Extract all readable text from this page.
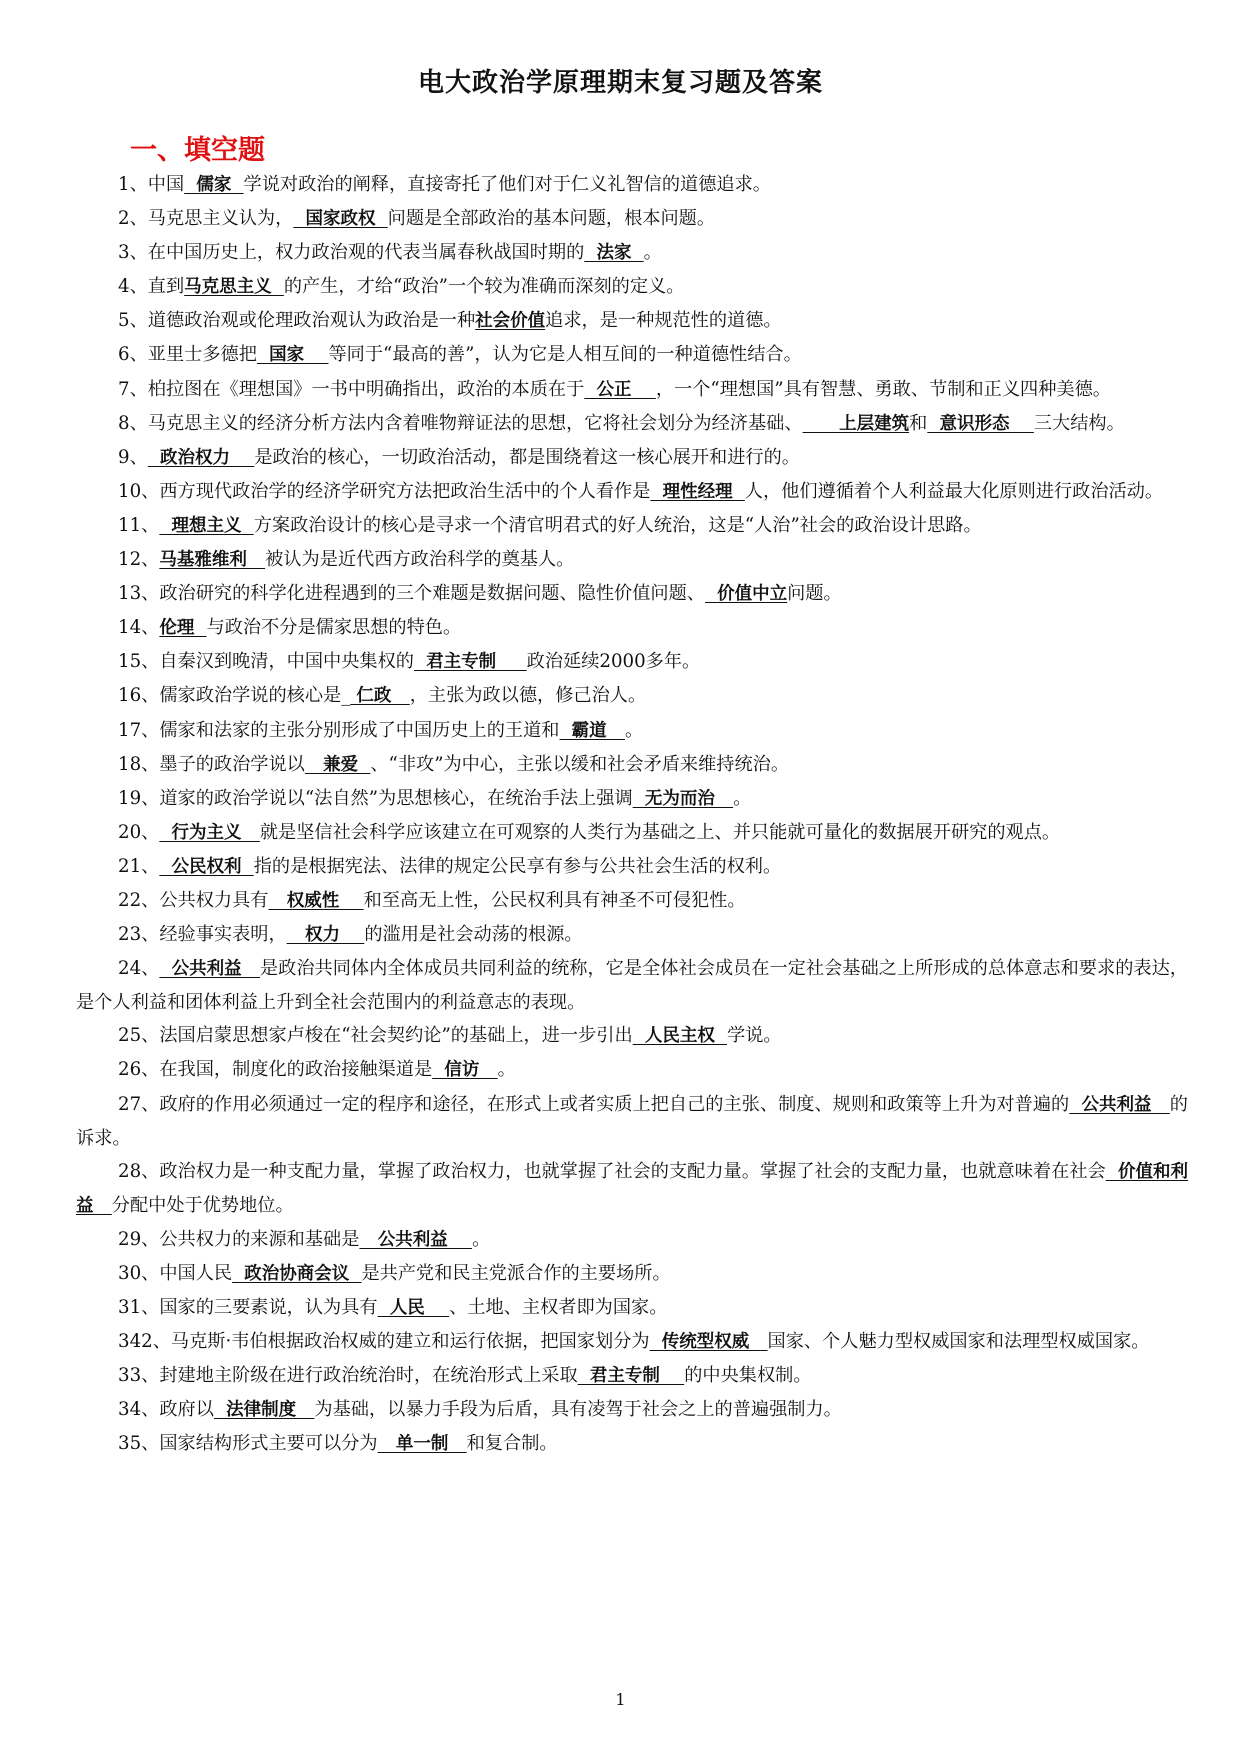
电大政治学原理期末复习题及答案
一、填空题
1、中国  儒家  学说对政治的阐释，直接寄托了他们对于仁义礼智信的道德追求。
2、马克思主义认为，  国家政权  问题是全部政治的基本问题，根本问题。
3、在中国历史上，权力政治观的代表当属春秋战国时期的  法家  。
4、直到马克思主义  的产生，才给“政治”一个较为准确而深刻的定义。
5、道德政治观或伦理政治观认为政治是一种社会价值追求，是一种规范性的道德。
6、亚里士多德把  国家    等同于“最高的善”，认为它是人相互间的一种道德性结合。
7、柏拉图在《理想国》一书中明确指出，政治的本质在于  公正    ，一个“理想国”具有智慧、勇敢、节制和正义四种美德。
8、马克思主义的经济分析方法内含着唯物辩证法的思想，它将社会划分为经济基础、      上层建筑和  意识形态    三大结构。
9、  政治权力    是政治的核心，一切政治活动，都是围绕着这一核心展开和进行的。
10、西方现代政治学的经济学研究方法把政治生活中的个人看作是  理性经理  人，他们遵循着个人利益最大化原则进行政治活动。
11、  理想主义  方案政治设计的核心是寻求一个清官明君式的好人统治，这是“人治”社会的政治设计思路。
12、马基雅维利   被认为是近代西方政治科学的奠基人。
13、政治研究的科学化进程遇到的三个难题是数据问题、隐性价值问题、  价值中立问题。
14、伦理  与政治不分是儒家思想的特色。
15、自秦汉到晚清，中国中央集权的  君主专制     政治延续2000多年。
16、儒家政治学说的核心是_ 仁政   ，主张为政以德，修己治人。
17、儒家和法家的主张分别形成了中国历史上的王道和  霸道   。
18、墨子的政治学说以   兼爱  、“非攻”为中心，主张以缓和社会矛盾来维持统治。
19、道家的政治学说以“法自然”为思想核心，在统治手法上强调  无为而治   。
20、  行为主义   就是坚信社会科学应该建立在可观察的人类行为基础之上、并只能就可量化的数据展开研究的观点。
21、  公民权利  指的是根据宪法、法律的规定公民享有参与公共社会生活的权利。
22、公共权力具有   权威性    和至高无上性，公民权利具有神圣不可侵犯性。
23、经验事实表明，   权力    的滥用是社会动荡的根源。
24、  公共利益   是政治共同体内全体成员共同利益的统称，它是全体社会成员在一定社会基础之上所形成的总体意志和要求的表达，是个人利益和团体利益上升到全社会范围内的利益意志的表现。
25、法国启蒙思想家卢梭在“社会契约论”的基础上，进一步引出  人民主权  学说。
26、在我国，制度化的政治接触渠道是  信访   。
27、政府的作用必须通过一定的程序和途径，在形式上或者实质上把自己的主张、制度、规则和政策等上升为对普遍的  公共利益   的诉求。
28、政治权力是一种支配力量，掌握了政治权力，也就掌握了社会的支配力量。掌握了社会的支配力量，也就意味着在社会  价值和利益   分配中处于优势地位。
29、公共权力的来源和基础是   公共利益    。
30、中国人民  政治协商会议  是共产党和民主党派合作的主要场所。
31、国家的三要素说，认为具有  人民    、土地、主权者即为国家。
342、马克斯·韦伯根据政治权威的建立和运行依据，把国家划分为  传统型权威   国家、个人魅力型权威国家和法理型权威国家。
33、封建地主阶级在进行政治统治时，在统治形式上采取  君主专制    的中央集权制。
34、政府以  法律制度   为基础，以暴力手段为后盾，具有凌驾于社会之上的普遍强制力。
35、国家结构形式主要可以分为   单一制   和复合制。
1
